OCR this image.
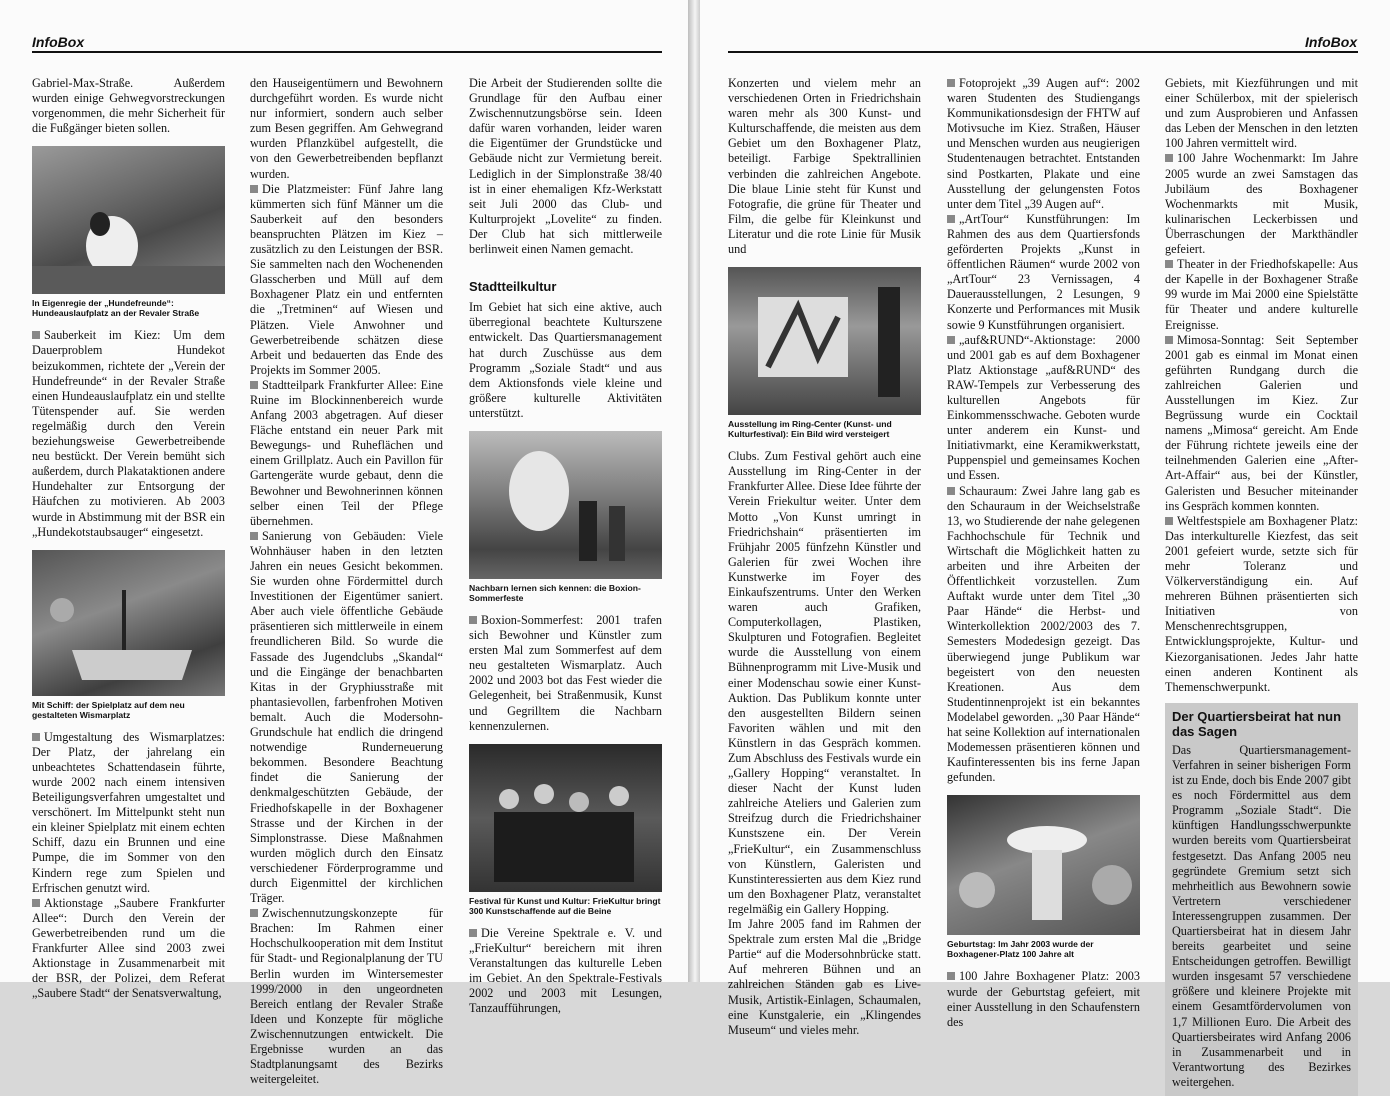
InfoBox

Gabriel-Max-Straße. Außerdem wurden einige Gehwegvorstreckungen vorgenommen, die mehr Sicherheit für die Fußgänger bieten sollen.

In Eigenregie der „Hundefreunde“: Hundeauslaufplatz an der Revaler Straße

Sauberkeit im Kiez: Um dem Dauerproblem Hundekot beizukommen, richtete der „Verein der Hundefreunde“ in der Revaler Straße einen Hundeauslaufplatz ein und stellte Tütenspender auf. Sie werden regelmäßig durch den Verein beziehungsweise Gewerbetreibende neu bestückt. Der Verein bemüht sich außerdem, durch Plakataktionen andere Hundehalter zur Entsorgung der Häufchen zu motivieren. Ab 2003 wurde in Abstimmung mit der BSR ein „Hundekotstaubsauger“ eingesetzt.

Mit Schiff: der Spielplatz auf dem neu gestalteten Wismarplatz

Umgestaltung des Wismarplatzes: Der Platz, der jahrelang ein unbeachtetes Schattendasein führte, wurde 2002 nach einem intensiven Beteiligungsverfahren umgestaltet und verschönert. Im Mittelpunkt steht nun ein kleiner Spielplatz mit einem echten Schiff, dazu ein Brunnen und eine Pumpe, die im Sommer von den Kindern rege zum Spielen und Erfrischen genutzt wird.

Aktionstage „Saubere Frankfurter Allee“: Durch den Verein der Gewerbetreibenden rund um die Frankfurter Allee sind 2003 zwei Aktionstage in Zusammenarbeit mit der BSR, der Polizei, dem Referat „Saubere Stadt“ der Senatsverwaltung,

den Hauseigentümern und Bewohnern durchgeführt worden. Es wurde nicht nur informiert, sondern auch selber zum Besen gegriffen. Am Gehwegrand wurden Pflanzkübel aufgestellt, die von den Gewerbetreibenden bepflanzt wurden.

Die Platzmeister: Fünf Jahre lang kümmerten sich fünf Männer um die Sauberkeit auf den besonders beanspruchten Plätzen im Kiez – zusätzlich zu den Leistungen der BSR. Sie sammelten nach den Wochenenden Glasscherben und Müll auf dem Boxhagener Platz ein und entfernten die „Tretminen“ auf Wiesen und Plätzen. Viele Anwohner und Gewerbetreibende schätzen diese Arbeit und bedauerten das Ende des Projekts im Sommer 2005.

Stadtteilpark Frankfurter Allee: Eine Ruine im Blockinnenbereich wurde Anfang 2003 abgetragen. Auf dieser Fläche entstand ein neuer Park mit Bewegungs- und Ruheflächen und einem Grillplatz. Auch ein Pavillon für Gartengeräte wurde gebaut, denn die Bewohner und Bewohnerinnen können selber einen Teil der Pflege übernehmen.

Sanierung von Gebäuden: Viele Wohnhäuser haben in den letzten Jahren ein neues Gesicht bekommen. Sie wurden ohne Fördermittel durch Investitionen der Eigentümer saniert. Aber auch viele öffentliche Gebäude präsentieren sich mittlerweile in einem freundlicheren Bild. So wurde die Fassade des Jugendclubs „Skandal“ und die Eingänge der benachbarten Kitas in der Gryphiusstraße mit phantasievollen, farbenfrohen Motiven bemalt. Auch die Modersohn-Grundschule hat endlich die dringend notwendige Runderneuerung bekommen. Besondere Beachtung findet die Sanierung der denkmalgeschützten Gebäude, der Friedhofskapelle in der Boxhagener Strasse und der Kirchen in der Simplonstrasse. Diese Maßnahmen wurden möglich durch den Einsatz verschiedener Förderprogramme und durch Eigenmittel der kirchlichen Träger.

Zwischennutzungskonzepte für Brachen: Im Rahmen einer Hochschulkooperation mit dem Institut für Stadt- und Regionalplanung der TU Berlin wurden im Wintersemester 1999/2000 in den ungeordneten Bereich entlang der Revaler Straße Ideen und Konzepte für mögliche Zwischennutzungen entwickelt. Die Ergebnisse wurden an das Stadtplanungsamt des Bezirks weitergeleitet.

Die Arbeit der Studierenden sollte die Grundlage für den Aufbau einer Zwischennutzungsbörse sein. Ideen dafür waren vorhanden, leider waren die Eigentümer der Grundstücke und Gebäude nicht zur Vermietung bereit. Lediglich in der Simplonstraße 38/40 ist in einer ehemaligen Kfz-Werkstatt seit Juli 2000 das Club- und Kulturprojekt „Lovelite“ zu finden. Der Club hat sich mittlerweile berlinweit einen Namen gemacht.

Stadtteilkultur

Im Gebiet hat sich eine aktive, auch überregional beachtete Kulturszene entwickelt. Das Quartiersmanagement hat durch Zuschüsse aus dem Programm „Soziale Stadt“ und aus dem Aktionsfonds viele kleine und größere kulturelle Aktivitäten unterstützt.

Nachbarn lernen sich kennen: die Boxion-Sommerfeste

Boxion-Sommerfest: 2001 trafen sich Bewohner und Künstler zum ersten Mal zum Sommerfest auf dem neu gestalteten Wismarplatz. Auch 2002 und 2003 bot das Fest wieder die Gelegenheit, bei Straßenmusik, Kunst und Gegrilltem die Nachbarn kennenzulernen.

Festival für Kunst und Kultur: FrieKultur bringt 300 Kunstschaffende auf die Beine

Die Vereine Spektrale e. V. und „FrieKultur“ bereichern mit ihren Veranstaltungen das kulturelle Leben im Gebiet. An den Spektrale-Festivals 2002 und 2003 mit Lesungen, Tanzaufführungen,

InfoBox

Konzerten und vielem mehr an verschiedenen Orten in Friedrichshain waren mehr als 300 Kunst- und Kulturschaffende, die meisten aus dem Gebiet um den Boxhagener Platz, beteiligt. Farbige Spektrallinien verbinden die zahlreichen Angebote. Die blaue Linie steht für Kunst und Fotografie, die grüne für Theater und Film, die gelbe für Kleinkunst und Literatur und die rote Linie für Musik und

Ausstellung im Ring-Center (Kunst- und Kulturfestival): Ein Bild wird versteigert

Clubs. Zum Festival gehört auch eine Ausstellung im Ring-Center in der Frankfurter Allee. Diese Idee führte der Verein Friekultur weiter. Unter dem Motto „Von Kunst umringt in Friedrichshain“ präsentierten im Frühjahr 2005 fünfzehn Künstler und Galerien für zwei Wochen ihre Kunstwerke im Foyer des Einkaufszentrums. Unter den Werken waren auch Grafiken, Computerkollagen, Plastiken, Skulpturen und Fotografien. Begleitet wurde die Ausstellung von einem Bühnenprogramm mit Live-Musik und einer Modenschau sowie einer Kunst-Auktion. Das Publikum konnte unter den ausgestellten Bildern seinen Favoriten wählen und mit den Künstlern in das Gespräch kommen. Zum Abschluss des Festivals wurde ein „Gallery Hopping“ veranstaltet. In dieser Nacht der Kunst luden zahlreiche Ateliers und Galerien zum Streifzug durch die Friedrichshainer Kunstszene ein. Der Verein „FrieKultur“, ein Zusammenschluss von Künstlern, Galeristen und Kunstinteressierten aus dem Kiez rund um den Boxhagener Platz, veranstaltet regelmäßig ein Gallery Hopping.

Im Jahre 2005 fand im Rahmen der Spektrale zum ersten Mal die „Bridge Partie“ auf die Modersohnbrücke statt. Auf mehreren Bühnen und an zahlreichen Ständen gab es Live-Musik, Artistik-Einlagen, Schaumalen, eine Kunstgalerie, ein „Klingendes Museum“ und vieles mehr.

Fotoprojekt „39 Augen auf“: 2002 waren Studenten des Studiengangs Kommunikationsdesign der FHTW auf Motivsuche im Kiez. Straßen, Häuser und Menschen wurden aus neugierigen Studentenaugen betrachtet. Entstanden sind Postkarten, Plakate und eine Ausstellung der gelungensten Fotos unter dem Titel „39 Augen auf“.

„ArtTour“ Kunstführungen: Im Rahmen des aus dem Quartiersfonds geförderten Projekts „Kunst in öffentlichen Räumen“ wurde 2002 von „ArtTour“ 23 Vernissagen, 4 Dauerausstellungen, 2 Lesungen, 9 Konzerte und Performances mit Musik sowie 9 Kunstführungen organisiert.

„auf&RUND“-Aktionstage: 2000 und 2001 gab es auf dem Boxhagener Platz Aktionstage „auf&RUND“ des RAW-Tempels zur Verbesserung des kulturellen Angebots für Einkommensschwache. Geboten wurde unter anderem ein Kunst- und Initiativmarkt, eine Keramikwerkstatt, Puppenspiel und gemeinsames Kochen und Essen.

Schauraum: Zwei Jahre lang gab es den Schauraum in der Weichselstraße 13, wo Studierende der nahe gelegenen Fachhochschule für Technik und Wirtschaft die Möglichkeit hatten zu arbeiten und ihre Arbeiten der Öffentlichkeit vorzustellen. Zum Auftakt wurde unter dem Titel „30 Paar Hände“ die Herbst- und Winterkollektion 2002/2003 des 7. Semesters Modedesign gezeigt. Das überwiegend junge Publikum war begeistert von den neuesten Kreationen. Aus dem Studentinnenprojekt ist ein bekanntes Modelabel geworden. „30 Paar Hände“ hat seine Kollektion auf internationalen Modemessen präsentieren können und Kaufinteressenten bis ins ferne Japan gefunden.

Geburtstag: Im Jahr 2003 wurde der Boxhagener-Platz 100 Jahre alt

100 Jahre Boxhagener Platz: 2003 wurde der Geburtstag gefeiert, mit einer Ausstellung in den Schaufenstern des

Gebiets, mit Kiezführungen und mit einer Schülerbox, mit der spielerisch und zum Ausprobieren und Anfassen das Leben der Menschen in den letzten 100 Jahren vermittelt wird.

100 Jahre Wochenmarkt: Im Jahre 2005 wurde an zwei Samstagen das Jubiläum des Boxhagener Wochenmarkts mit Musik, kulinarischen Leckerbissen und Überraschungen der Markthändler gefeiert.

Theater in der Friedhofskapelle: Aus der Kapelle in der Boxhagener Straße 99 wurde im Mai 2000 eine Spielstätte für Theater und andere kulturelle Ereignisse.

Mimosa-Sonntag: Seit September 2001 gab es einmal im Monat einen geführten Rundgang durch die zahlreichen Galerien und Ausstellungen im Kiez. Zur Begrüssung wurde ein Cocktail namens „Mimosa“ gereicht. Am Ende der Führung richtete jeweils eine der teilnehmenden Galerien eine „After-Art-Affair“ aus, bei der Künstler, Galeristen und Besucher miteinander ins Gespräch kommen konnten.

Weltfestspiele am Boxhagener Platz: Das interkulturelle Kiezfest, das seit 2001 gefeiert wurde, setzte sich für mehr Toleranz und Völkerverständigung ein. Auf mehreren Bühnen präsentierten sich Initiativen von Menschenrechtsgruppen, Entwicklungsprojekte, Kultur- und Kiezorganisationen. Jedes Jahr hatte einen anderen Kontinent als Themenschwerpunkt.

Der Quartiersbeirat hat nun das Sagen

Das Quartiersmanagement-Verfahren in seiner bisherigen Form ist zu Ende, doch bis Ende 2007 gibt es noch Fördermittel aus dem Programm „Soziale Stadt“. Die künftigen Handlungsschwerpunkte wurden bereits vom Quartiersbeirat festgesetzt. Das Anfang 2005 neu gegründete Gremium setzt sich mehrheitlich aus Bewohnern sowie Vertretern verschiedener Interessengruppen zusammen. Der Quartiersbeirat hat in diesem Jahr bereits gearbeitet und seine Entscheidungen getroffen. Bewilligt wurden insgesamt 57 verschiedene größere und kleinere Projekte mit einem Gesamtfördervolumen von 1,7 Millionen Euro. Die Arbeit des Quartiersbeirates wird Anfang 2006 in Zusammenarbeit und in Verantwortung des Bezirkes weitergehen.
